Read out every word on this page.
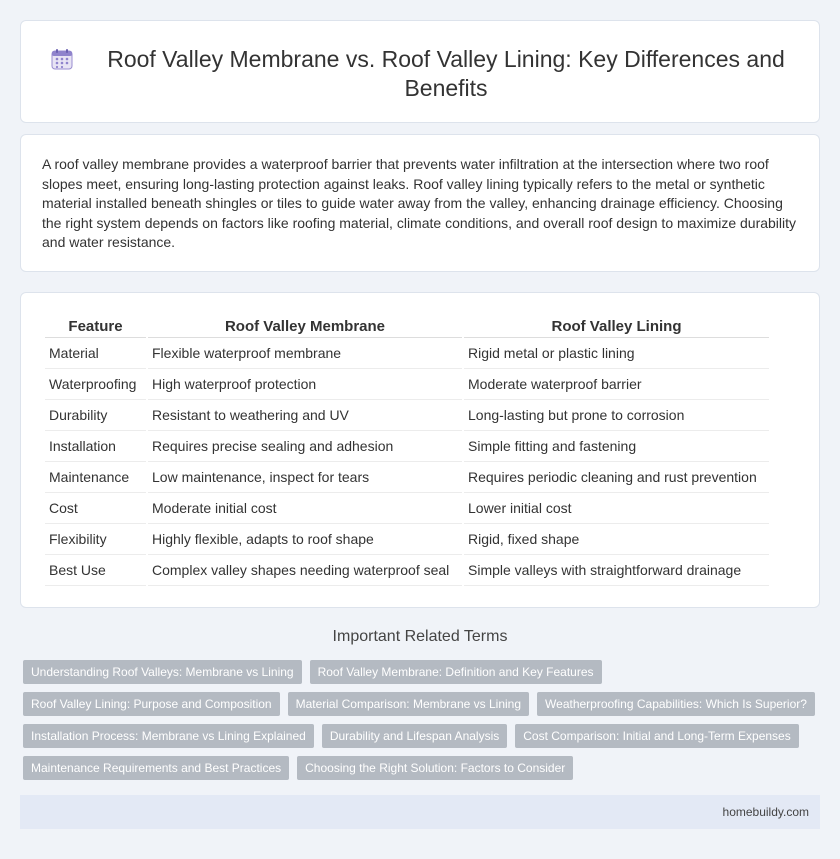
Roof Valley Membrane vs. Roof Valley Lining: Key Differences and Benefits

A roof valley membrane provides a waterproof barrier that prevents water infiltration at the intersection where two roof slopes meet, ensuring long-lasting protection against leaks. Roof valley lining typically refers to the metal or synthetic material installed beneath shingles or tiles to guide water away from the valley, enhancing drainage efficiency. Choosing the right system depends on factors like roofing material, climate conditions, and overall roof design to maximize durability and water resistance.

Feature	Roof Valley Membrane	Roof Valley Lining
Material	Flexible waterproof membrane	Rigid metal or plastic lining
Waterproofing	High waterproof protection	Moderate waterproof barrier
Durability	Resistant to weathering and UV	Long-lasting but prone to corrosion
Installation	Requires precise sealing and adhesion	Simple fitting and fastening
Maintenance	Low maintenance, inspect for tears	Requires periodic cleaning and rust prevention
Cost	Moderate initial cost	Lower initial cost
Flexibility	Highly flexible, adapts to roof shape	Rigid, fixed shape
Best Use	Complex valley shapes needing waterproof seal	Simple valleys with straightforward drainage
Important Related Terms
Understanding Roof Valleys: Membrane vs Lining	Roof Valley Membrane: Definition and Key Features
Roof Valley Lining: Purpose and Composition	Material Comparison: Membrane vs Lining	Weatherproofing Capabilities: Which Is Superior?
Installation Process: Membrane vs Lining Explained	Durability and Lifespan Analysis	Cost Comparison: Initial and Long-Term Expenses
Maintenance Requirements and Best Practices	Choosing the Right Solution: Factors to Consider
homebuildy.com
